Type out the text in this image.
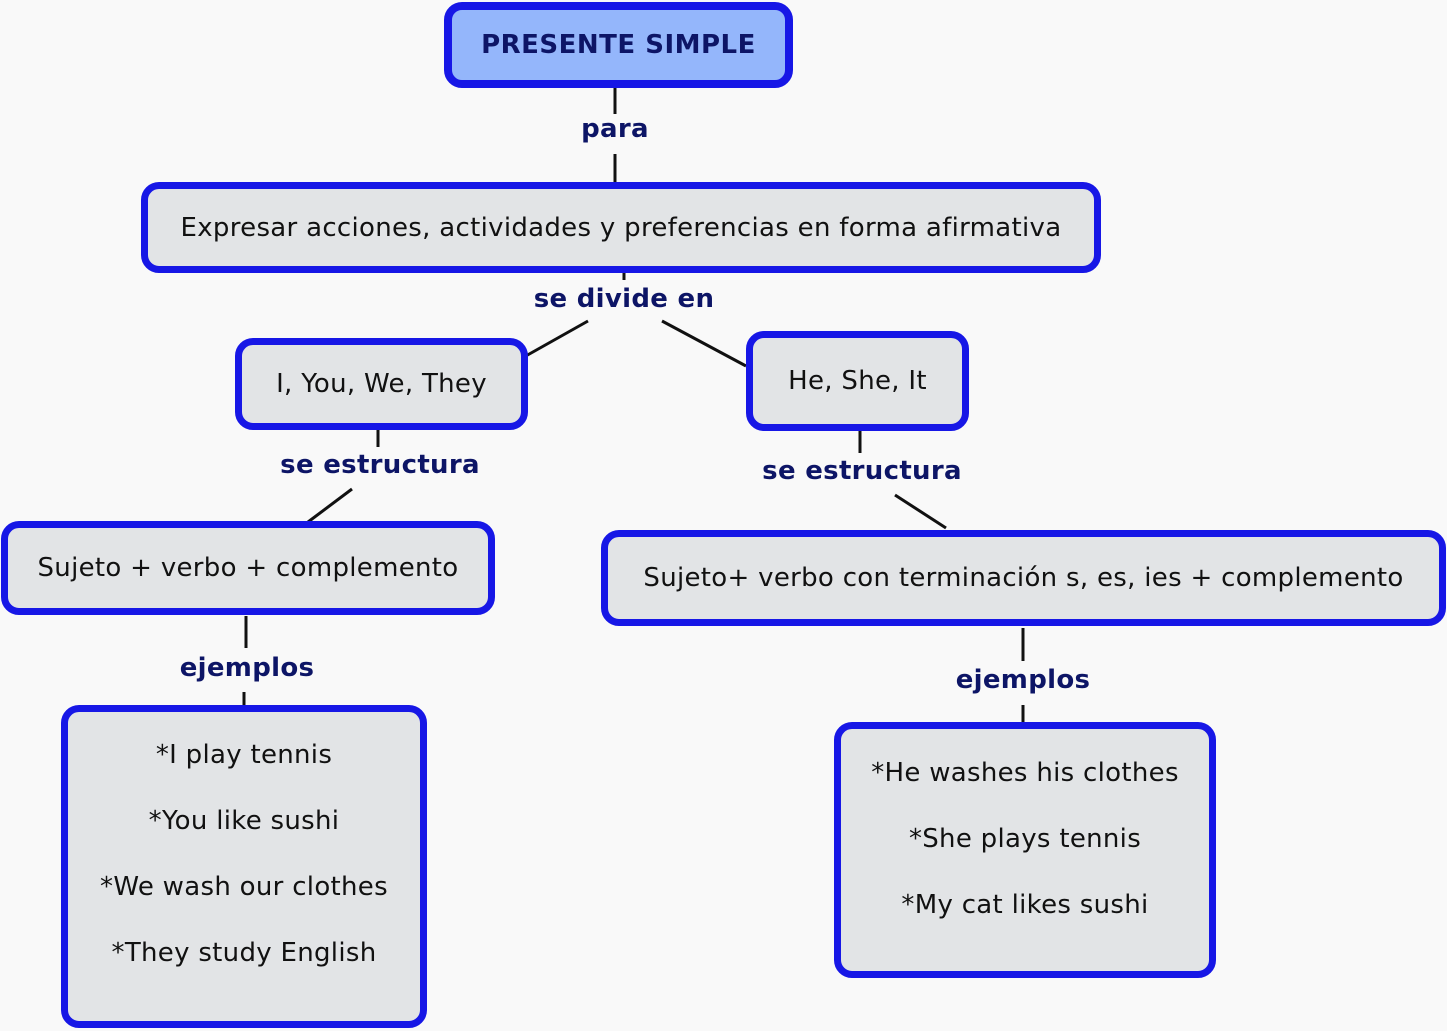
PRESENTE SIMPLE
Expresar acciones, actividades y preferencias en forma afirmativa
I, You, We, They	He, She, It
Sujeto + verbo + complemento	Sujeto+ verbo con terminación s, es, ies + complemento
*I play tennis
*You like sushi
*We wash our clothes
*They study English
*He washes his clothes
*She plays tennis
*My cat likes sushi
para
se divide en
se estructura	se estructura
ejemplos	ejemplos
